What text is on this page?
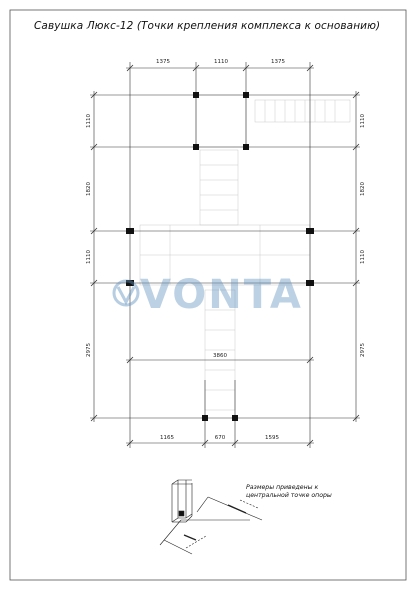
Савушка Люкс-12 (Точки крепления комплекса к основанию)
1375	1110	1375
1110
1820
1110
2975
1110
1820
1110
2975
3860
1165	670	1595
VONTA
Размеры приведены к
центральной точке опоры
